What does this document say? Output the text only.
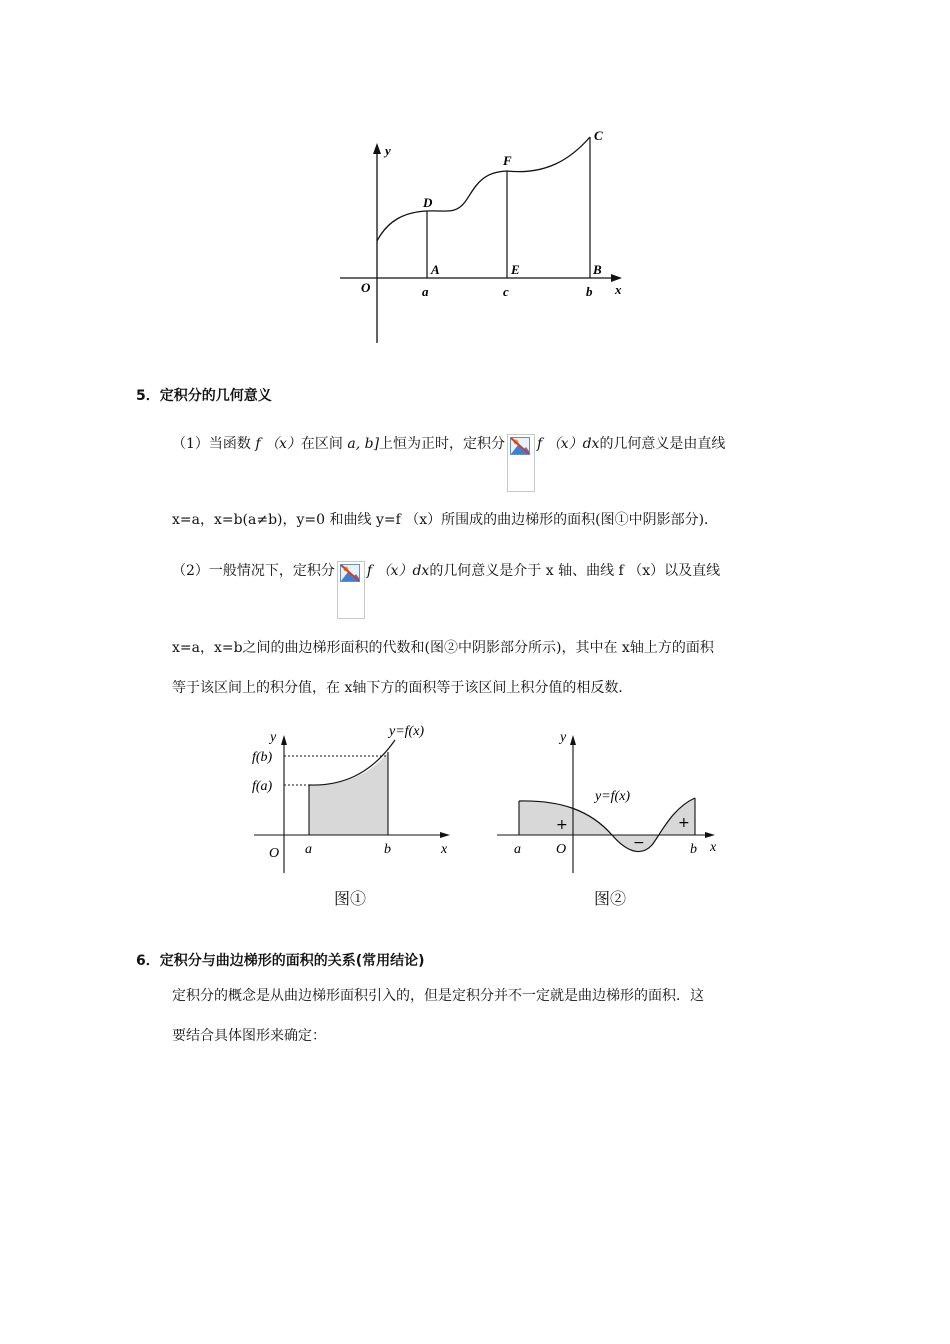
y
O	x
a	c	b
A	E	B
D
F
C
5．定积分的几何意义
（1）当函数 f （x）在区间 a, b]上恒为正时，定积分 f （x）dx的几何意义是由直线
x=a，x=b(a≠b)，y=0 和曲线 y=f （x）所围成的曲边梯形的面积(图①中阴影部分)．
（2）一般情况下，定积分 f （x）dx的几何意义是介于 x 轴、曲线 f （x）以及直线
x=a，x=b之间的曲边梯形面积的代数和(图②中阴影部分所示)，其中在 x轴上方的面积
等于该区间上的积分值，在 x轴下方的面积等于该区间上积分值的相反数．
y=f(x)
y
f(b)
f(a)
O a	b	x
图①
y
y=f(x)
+
−
+
a	O	b x
图②
6．定积分与曲边梯形的面积的关系(常用结论)
定积分的概念是从曲边梯形面积引入的，但是定积分并不一定就是曲边梯形的面积．这
要结合具体图形来确定：
